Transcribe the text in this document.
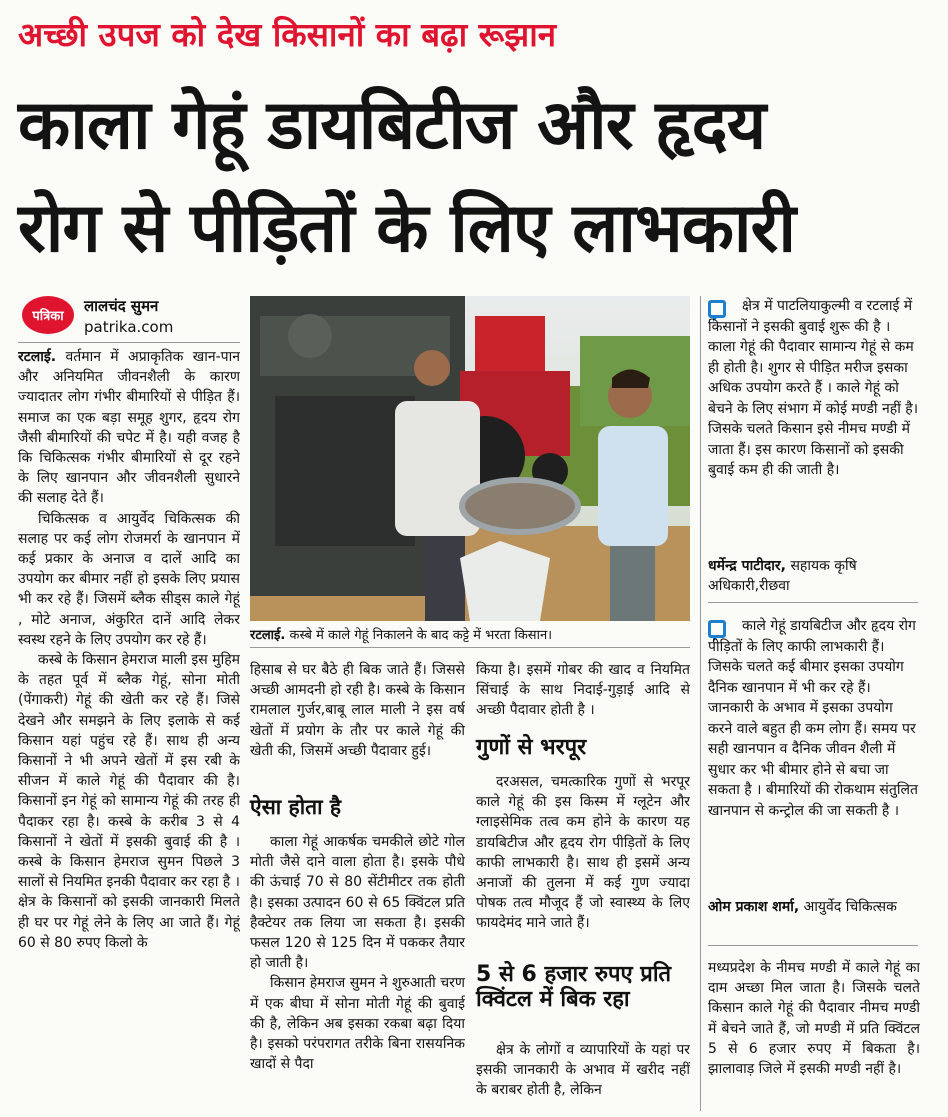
अच्छी उपज को देख किसानों का बढ़ा रूझान
काला गेहूं डायबिटीज और हृदय
रोग से पीड़ितों के लिए लाभकारी
पत्रिका
लालचंद सुमन
patrika.com

रटलाई. वर्तमान में अप्राकृतिक खान-पान और अनियमित जीवनशैली के कारण ज्यादातर लोग गंभीर बीमारियों से पीड़ित हैं। समाज का एक बड़ा समूह शुगर, हृदय रोग जैसी बीमारियों की चपेट में है। यही वजह है कि चिकित्सक गंभीर बीमारियों से दूर रहने के लिए खानपान और जीवनशैली सुधारने की सलाह देते हैं।

चिकित्सक व आयुर्वेद चिकित्सक की सलाह पर कई लोग रोजमर्रा के खानपान में कई प्रकार के अनाज व दालें आदि का उपयोग कर बीमार नहीं हो इसके लिए प्रयास भी कर रहे हैं। जिसमें ब्लैक सीड्स काले गेहूं , मोटे अनाज, अंकुरित दानें आदि लेकर स्वस्थ रहने के लिए उपयोग कर रहे हैं।

कस्बे के किसान हेमराज माली इस मुहिम के तहत पूर्व में ब्लैक गेहूं, सोना मोती (पेंगाकरी) गेहूं की खेती कर रहे हैं। जिसे देखने और समझने के लिए इलाके से कई किसान यहां पहुंच रहे हैं। साथ ही अन्य किसानों ने भी अपने खेतों में इस रबी के सीजन में काले गेहूं की पैदावार की है। किसानों इन गेहूं को सामान्य गेहूं की तरह ही पैदाकर रहा है। कस्बे के करीब 3 से 4 किसानों ने खेतों में इसकी बुवाई की है । कस्बे के किसान हेमराज सुमन पिछले 3 सालों से नियमित इनकी पैदावार कर रहा है ।क्षेत्र के किसानों को इसकी जानकारी मिलते ही घर पर गेहूं लेने के लिए आ जाते हैं। गेहूं 60 से 80 रुपए किलो के

रटलाई. कस्बे में काले गेहूं निकालने के बाद कट्टे में भरता किसान।

हिसाब से घर बैठे ही बिक जाते हैं। जिससे अच्छी आमदनी हो रही है। कस्बे के किसान रामलाल गुर्जर,बाबू लाल माली ने इस वर्ष खेतों में प्रयोग के तौर पर काले गेहूं की खेती की, जिसमें अच्छी पैदावार हुई।

ऐसा होता है

काला गेहूं आकर्षक चमकीले छोटे गोल मोती जैसे दाने वाला होता है। इसके पौधे की ऊंचाई 70 से 80 सेंटीमीटर तक होती है। इसका उत्पादन 60 से 65 क्विंटल प्रति हैक्टेयर तक लिया जा सकता है। इसकी फसल 120 से 125 दिन में पककर तैयार हो जाती है।

किसान हेमराज सुमन ने शुरुआती चरण में एक बीघा में सोना मोती गेहूं की बुवाई की है, लेकिन अब इसका रकबा बढ़ा दिया है। इसको परंपरागत तरीके बिना रासयनिक खादों से पैदा

किया है। इसमें गोबर की खाद व नियमित सिंचाई के साथ निदाई-गुड़ाई आदि से अच्छी पैदावार होती है ।

गुणों से भरपूर

दरअसल, चमत्कारिक गुणों से भरपूर काले गेहूं की इस किस्म में ग्लूटेन और ग्लाइसेमिक तत्व कम होने के कारण यह डायबिटीज और हृदय रोग पीड़ितों के लिए काफी लाभकारी है। साथ ही इसमें अन्य अनाजों की तुलना में कई गुण ज्यादा पोषक तत्व मौजूद हैं जो स्वास्थ्य के लिए फायदेमंद माने जाते हैं।

5 से 6 हजार रुपए प्रति क्विंटल में बिक रहा

क्षेत्र के लोगों व व्यापारियों के यहां पर इसकी जानकारी के अभाव में खरीद नहीं के बराबर होती है, लेकिन

क्षेत्र में पाटलियाकुल्मी व रटलाई में किसानों ने इसकी बुवाई शुरू की है । काला गेहूं की पैदावार सामान्य गेहूं से कम ही होती है। शुगर से पीड़ित मरीज इसका अधिक उपयोग करते हैं । काले गेहूं को बेचने के लिए संभाग में कोई मण्डी नहीं है। जिसके चलते किसान इसे नीमच मण्डी में जाता हैं। इस कारण किसानों को इसकी बुवाई कम ही की जाती है।
धर्मेन्द्र पाटीदार, सहायक कृषि अधिकारी,रीछवा
काले गेहूं डायबिटीज और हृदय रोग पीड़ितों के लिए काफी लाभकारी हैं। जिसके चलते कई बीमार इसका उपयोग दैनिक खानपान में भी कर रहे हैं। जानकारी के अभाव में इसका उपयोग करने वाले बहुत ही कम लोग हैं। समय पर सही खानपान व दैनिक जीवन शैली में सुधार कर भी बीमार होने से बचा जा सकता है । बीमारियों की रोकथाम संतुलित खानपान से कन्ट्रोल की जा सकती है ।
ओम प्रकाश शर्मा, आयुर्वेद चिकित्सक

मध्यप्रदेश के नीमच मण्डी में काले गेहूं का दाम अच्छा मिल जाता है। जिसके चलते किसान काले गेहूं की पैदावार नीमच मण्डी में बेचने जाते हैं, जो मण्डी में प्रति क्विंटल 5 से 6 हजार रुपए में बिकता है। झालावाड़ जिले में इसकी मण्डी नहीं है।
